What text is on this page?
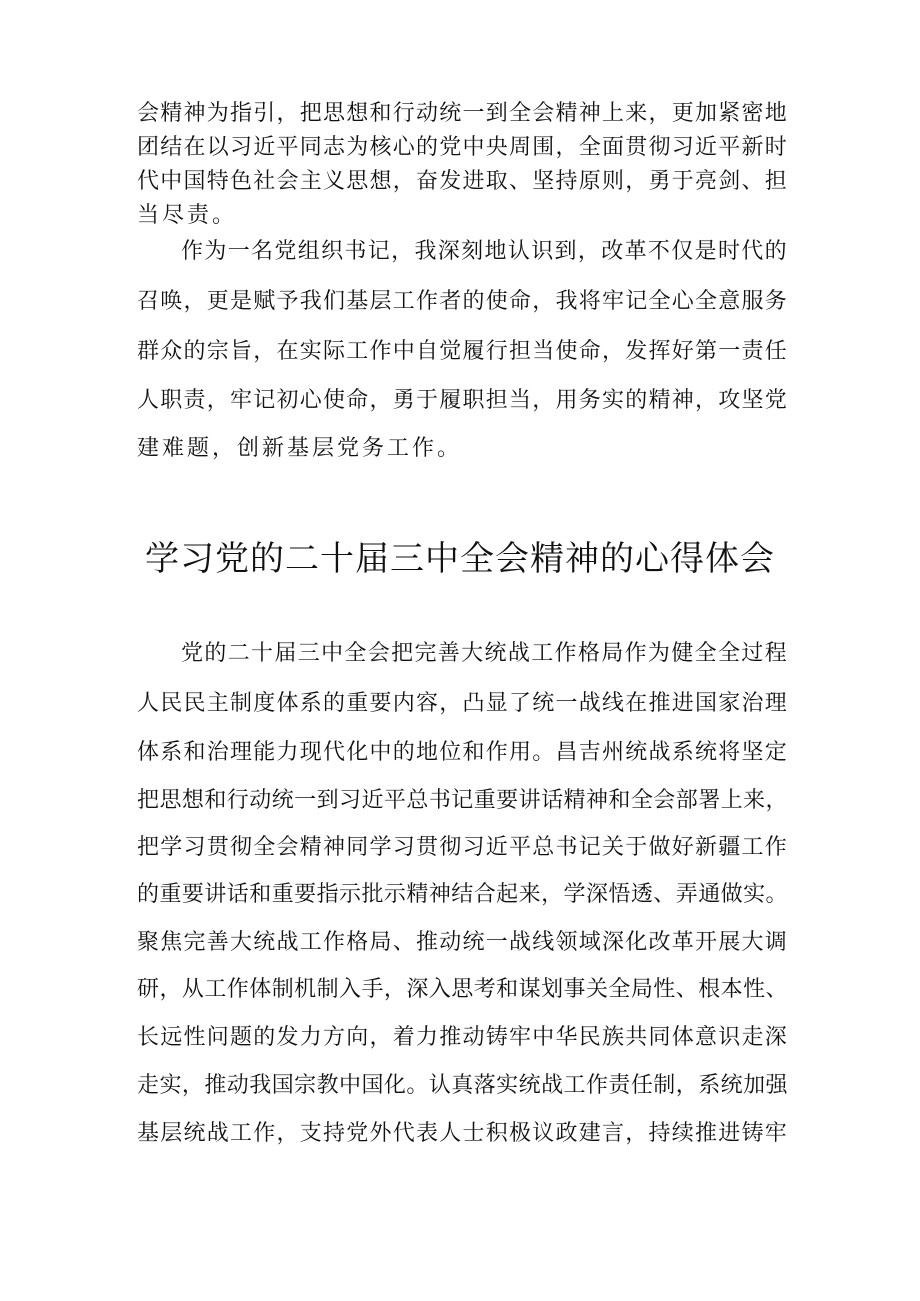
会精神为指引，把思想和行动统一到全会精神上来，更加紧密地
团结在以习近平同志为核心的党中央周围，全面贯彻习近平新时
代中国特色社会主义思想，奋发进取、坚持原则，勇于亮剑、担
当尽责。
作为一名党组织书记，我深刻地认识到，改革不仅是时代的
召唤，更是赋予我们基层工作者的使命，我将牢记全心全意服务
群众的宗旨，在实际工作中自觉履行担当使命，发挥好第一责任
人职责，牢记初心使命，勇于履职担当，用务实的精神，攻坚党
建难题，创新基层党务工作。
学习党的二十届三中全会精神的心得体会
党的二十届三中全会把完善大统战工作格局作为健全全过程
人民民主制度体系的重要内容，凸显了统一战线在推进国家治理
体系和治理能力现代化中的地位和作用。昌吉州统战系统将坚定
把思想和行动统一到习近平总书记重要讲话精神和全会部署上来，
把学习贯彻全会精神同学习贯彻习近平总书记关于做好新疆工作
的重要讲话和重要指示批示精神结合起来，学深悟透、弄通做实。
聚焦完善大统战工作格局、推动统一战线领域深化改革开展大调
研，从工作体制机制入手，深入思考和谋划事关全局性、根本性、
长远性问题的发力方向，着力推动铸牢中华民族共同体意识走深
走实，推动我国宗教中国化。认真落实统战工作责任制，系统加强
基层统战工作，支持党外代表人士积极议政建言，持续推进铸牢
